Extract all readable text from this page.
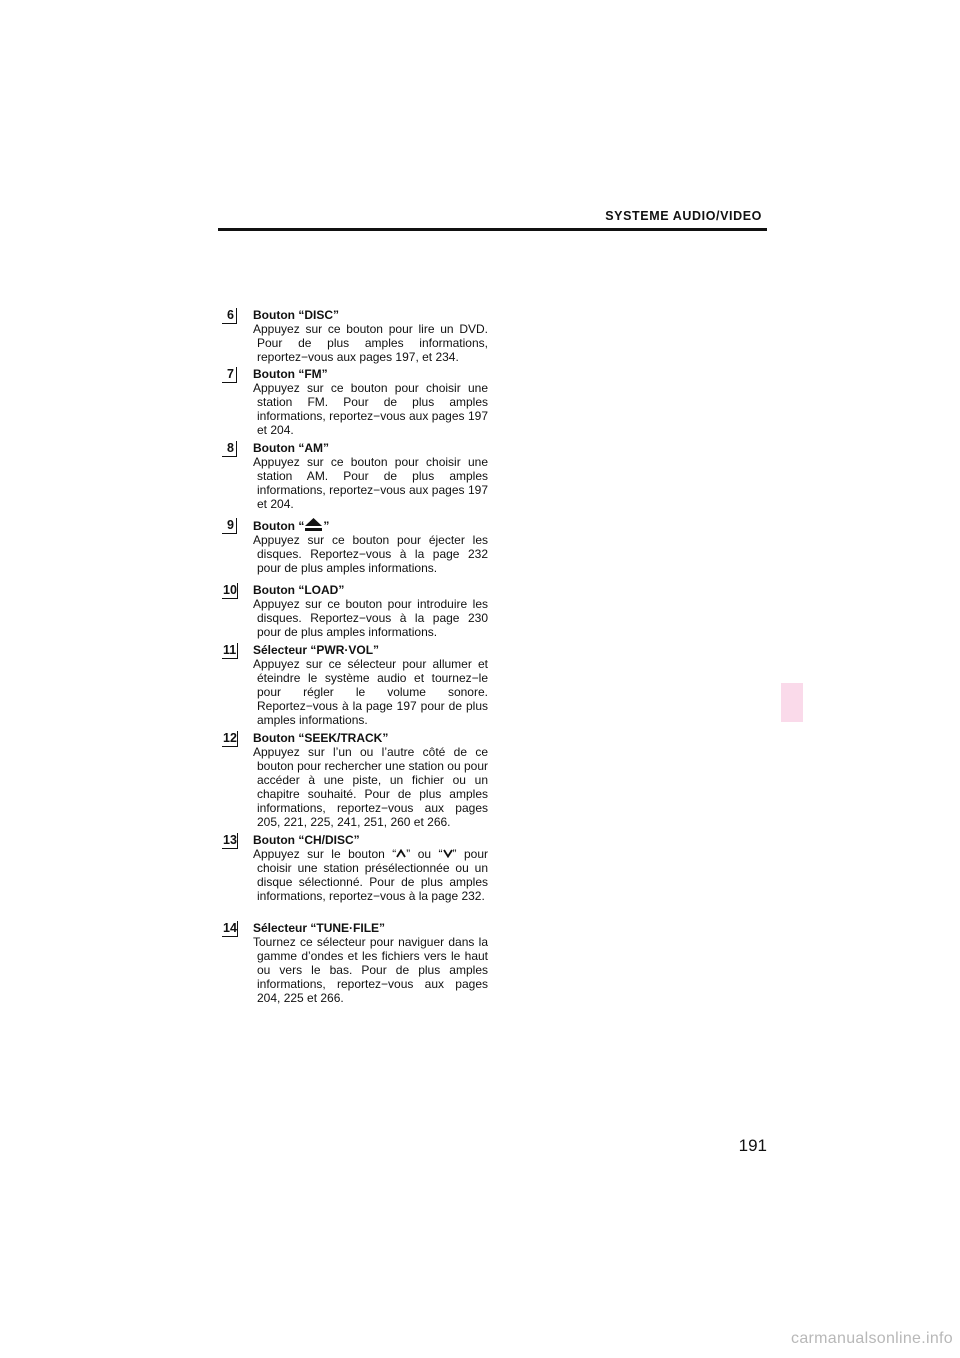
SYSTEME AUDIO/VIDEO
6 Bouton “DISC”
Appuyez sur ce bouton pour lire un DVD. Pour de plus amples informations, reportez−vous aux pages 197, et 234.
7 Bouton “FM”
Appuyez sur ce bouton pour choisir une station FM. Pour de plus amples informations, reportez−vous aux pages 197 et 204.
8 Bouton “AM”
Appuyez sur ce bouton pour choisir une station AM. Pour de plus amples informations, reportez−vous aux pages 197 et 204.
9 Bouton “ ”
Appuyez sur ce bouton pour éjecter les disques. Reportez−vous à la page 232 pour de plus amples informations.
10 Bouton “LOAD”
Appuyez sur ce bouton pour introduire les disques. Reportez−vous à la page 230 pour de plus amples informations.
11 Sélecteur “PWR·VOL”
Appuyez sur ce sélecteur pour allumer et éteindre le système audio et tournez−le pour régler le volume sonore. Reportez−vous à la page 197 pour de plus amples informations.
12 Bouton “SEEK/TRACK”
Appuyez sur l’un ou l’autre côté de ce bouton pour rechercher une station ou pour accéder à une piste, un fichier ou un chapitre souhaité. Pour de plus amples informations, reportez−vous aux pages 205, 221, 225, 241, 251, 260 et 266.
13 Bouton “CH/DISC”
Appuyez sur le bouton “ ” ou “ ” pour choisir une station présélectionnée ou un disque sélectionné. Pour de plus amples informations, reportez−vous à la page 232.
14 Sélecteur “TUNE·FILE”
Tournez ce sélecteur pour naviguer dans la gamme d’ondes et les fichiers vers le haut ou vers le bas. Pour de plus amples informations, reportez−vous aux pages 204, 225 et 266.
191
carmanualsonline.info
